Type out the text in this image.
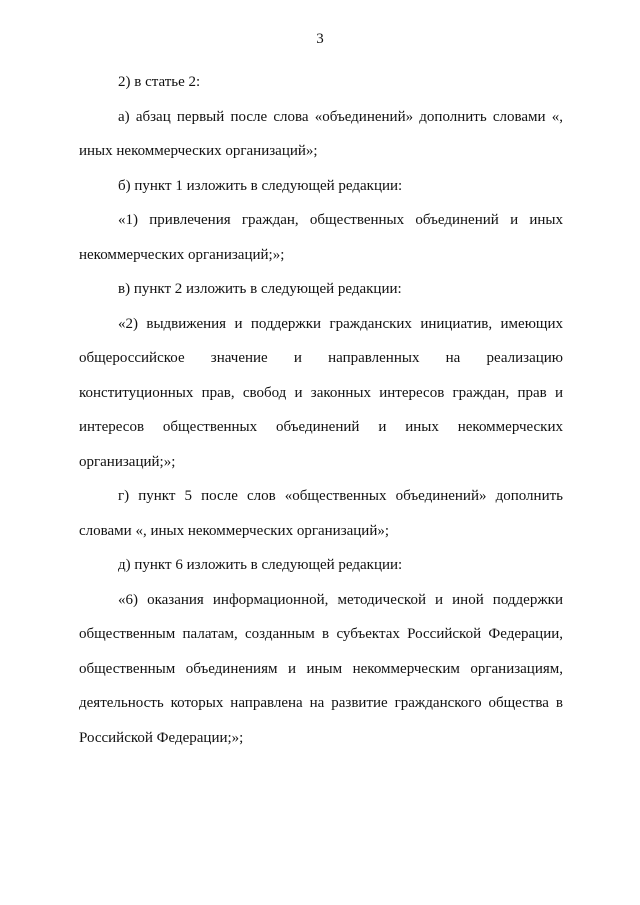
3

2) в статье 2:

а) абзац первый после слова «объединений» дополнить словами «, иных некоммерческих организаций»;

б) пункт 1 изложить в следующей редакции:

«1) привлечения граждан, общественных объединений и иных некоммерческих организаций;»;

в) пункт 2 изложить в следующей редакции:

«2) выдвижения и поддержки гражданских инициатив, имеющих общероссийское значение и направленных на реализацию конституционных прав, свобод и законных интересов граждан, прав и интересов общественных объединений и иных некоммерческих организаций;»;

г) пункт 5 после слов «общественных объединений» дополнить словами «, иных некоммерческих организаций»;

д) пункт 6 изложить в следующей редакции:

«6) оказания информационной, методической и иной поддержки общественным палатам, созданным в субъектах Российской Федерации, общественным объединениям и иным некоммерческим организациям, деятельность которых направлена на развитие гражданского общества в Российской Федерации;»;
